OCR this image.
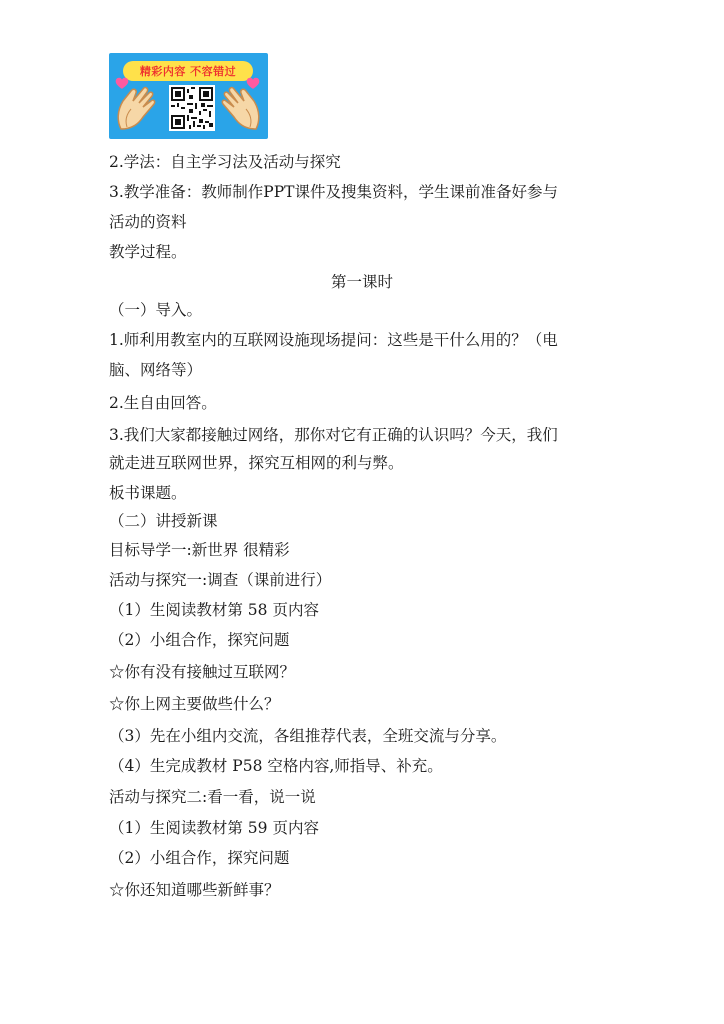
精彩内容 不容错过
2.学法：自主学习法及活动与探究
3.教学准备：教师制作PPT课件及搜集资料，学生课前准备好参与
活动的资料
教学过程。
第一课时
（一）导入。
1.师利用教室内的互联网设施现场提问：这些是干什么用的？（电
脑、网络等）
2.生自由回答。
3.我们大家都接触过网络，那你对它有正确的认识吗？今天，我们
就走进互联网世界，探究互相网的利与弊。
板书课题。
（二）讲授新课
目标导学一:新世界 很精彩
活动与探究一:调查（课前进行）
（1）生阅读教材第 58 页内容
（2）小组合作，探究问题
☆你有没有接触过互联网？
☆你上网主要做些什么？
（3）先在小组内交流，各组推荐代表，全班交流与分享。
（4）生完成教材 P58 空格内容,师指导、补充。
活动与探究二:看一看，说一说
（1）生阅读教材第 59 页内容
（2）小组合作，探究问题
☆你还知道哪些新鲜事？
